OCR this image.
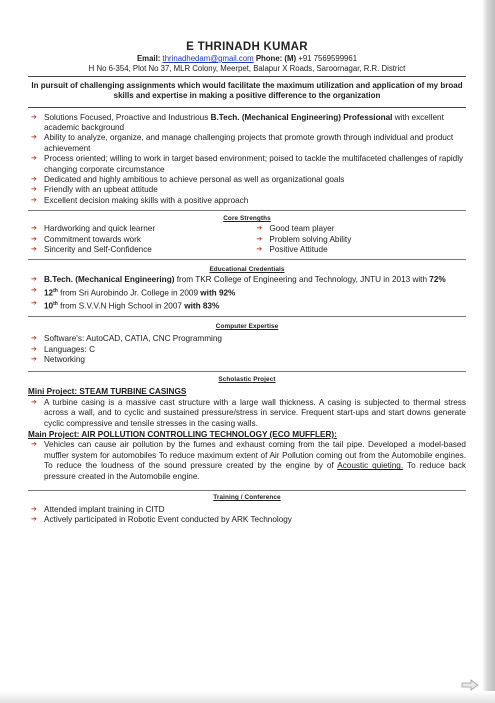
E THRINADH KUMAR
Email: thrinadhedam@gmail.com Phone: (M) +91 7569599961
H No 6-354, Plot No 37, MLR Colony, Meerpet, Balapur X Roads, Saroornagar, R.R. District
In pursuit of challenging assignments which would facilitate the maximum utilization and application of my broad skills and expertise in making a positive difference to the organization
➔ Solutions Focused, Proactive and Industrious B.Tech. (Mechanical Engineering) Professional with excellent academic background
➔ Ability to analyze, organize, and manage challenging projects that promote growth through individual and product achievement
➔ Process oriented; willing to work in target based environment; poised to tackle the multifaceted challenges of rapidly changing corporate circumstance
➔ Dedicated and highly ambitious to achieve personal as well as organizational goals
➔ Friendly with an upbeat attitude
➔ Excellent decision making skills with a positive approach
Core Strengths
➔ Hardworking and quick learner
➔ Commitment towards work
➔ Sincerity and Self-Confidence
➔ Good team player
➔ Problem solving Ability
➔ Positive Attitude
Educational Credentials
➔ B.Tech. (Mechanical Engineering) from TKR College of Engineering and Technology, JNTU in 2013 with 72%
➔ 12th from Sri Aurobindo Jr. College in 2009 with 92%
➔ 10th from S.V.V.N High School in 2007 with 83%
Computer Expertise
➔ Software's: AutoCAD, CATIA, CNC Programming
➔ Languages: C
➔ Networking
Scholastic Project
Mini Project: STEAM TURBINE CASINGS
➔ A turbine casing is a massive cast structure with a large wall thickness. A casing is subjected to thermal stress across a wall, and to cyclic and sustained pressure/stress in service. Frequent start-ups and start downs generate cyclic compressive and tensile stresses in the casing walls.
Main Project: AIR POLLUTION CONTROLLING TECHNOLOGY (ECO MUFFLER):
➔ Vehicles can cause air pollution by the fumes and exhaust coming from the tail pipe. Developed a model-based muffler system for automobiles To reduce maximum extent of Air Pollution coming out from the Automobile engines. To reduce the loudness of the sound pressure created by the engine by of Acoustic quieting. To reduce back pressure created in the Automobile engine.
Training / Conference
➔ Attended implant training in CITD
➔ Actively participated in Robotic Event conducted by ARK Technology
